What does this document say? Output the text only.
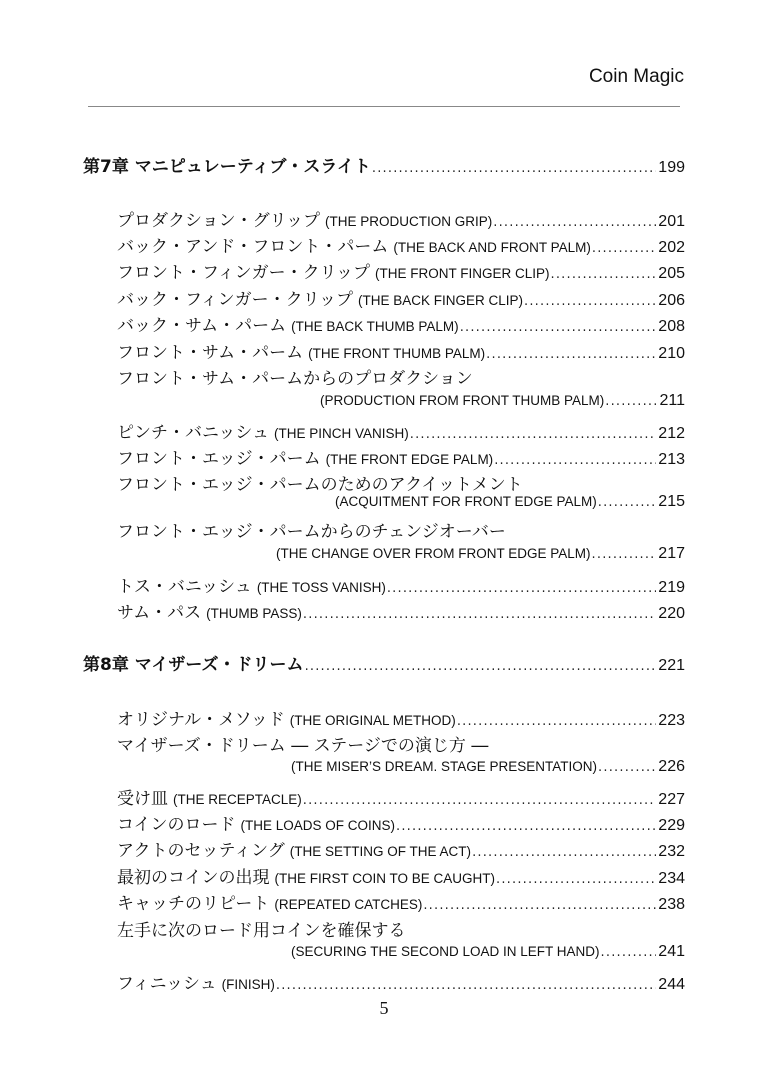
Coin Magic
第7章 マニピュレーティブ・スライト .....	199
プロダクション・グリップ (THE PRODUCTION GRIP) .....	201
バック・アンド・フロント・パーム (THE BACK AND FRONT PALM) .....	202
フロント・フィンガー・クリップ (THE FRONT FINGER CLIP) .....	205
バック・フィンガー・クリップ (THE BACK FINGER CLIP) .....	206
バック・サム・パーム (THE BACK THUMB PALM) .....	208
フロント・サム・パーム (THE FRONT THUMB PALM) .....	210
フロント・サム・パームからのプロダクション
(PRODUCTION FROM FRONT THUMB PALM) .....	211
ピンチ・バニッシュ (THE PINCH VANISH) .....	212
フロント・エッジ・パーム (THE FRONT EDGE PALM) .....	213
フロント・エッジ・パームのためのアクイットメント
(ACQUITMENT FOR FRONT EDGE PALM) .....	215
フロント・エッジ・パームからのチェンジオーバー
(THE CHANGE OVER FROM FRONT EDGE PALM) .....	217
トス・バニッシュ (THE TOSS VANISH) .....	219
サム・パス (THUMB PASS) .....	220
第8章 マイザーズ・ドリーム .....	221
オリジナル・メソッド (THE ORIGINAL METHOD) .....	223
マイザーズ・ドリーム ― ステージでの演じ方 ―
(THE MISER’S DREAM. STAGE PRESENTATION) .....	226
受け皿 (THE RECEPTACLE) .....	227
コインのロード (THE LOADS OF COINS) .....	229
アクトのセッティング (THE SETTING OF THE ACT) .....	232
最初のコインの出現 (THE FIRST COIN TO BE CAUGHT) .....	234
キャッチのリピート (REPEATED CATCHES) .....	238
左手に次のロード用コインを確保する
(SECURING THE SECOND LOAD IN LEFT HAND) .....	241
フィニッシュ (FINISH) .....	244
5
